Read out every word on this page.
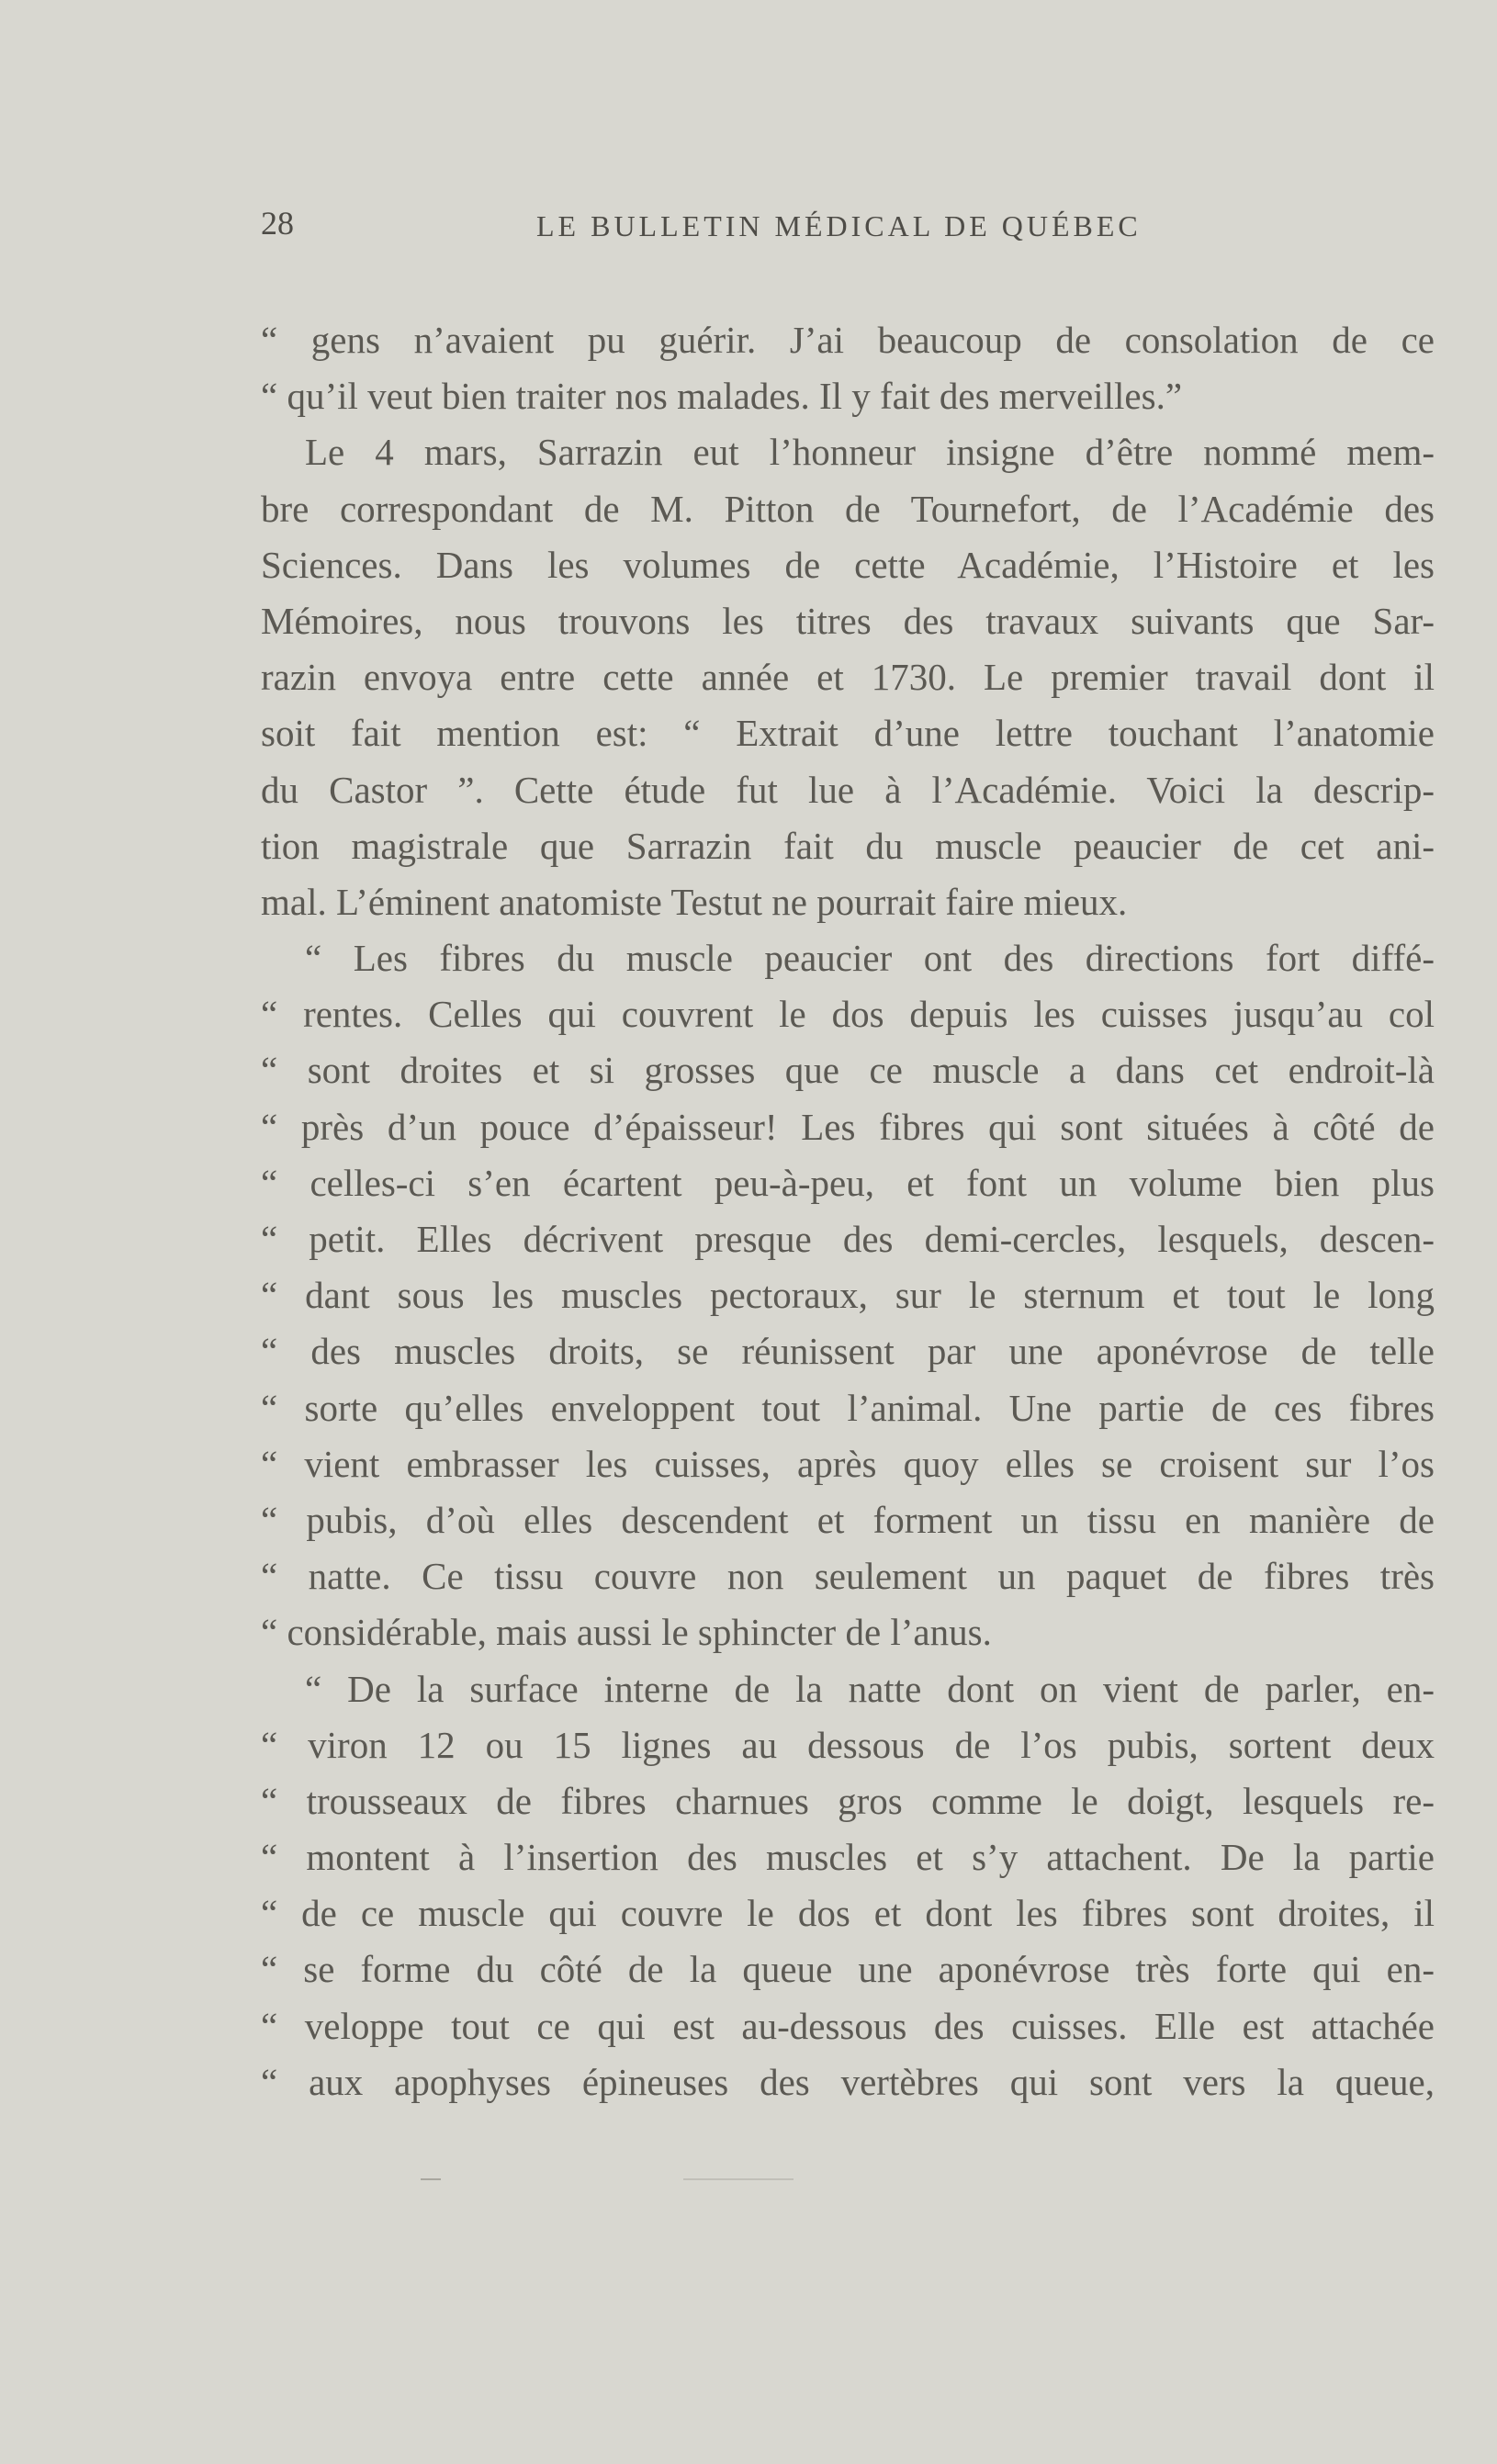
28	LE BULLETIN MÉDICAL DE QUÉBEC
“ gens n’avaient pu guérir. J’ai beaucoup de consolation de ce
“ qu’il veut bien traiter nos malades. Il y fait des merveilles.”
Le 4 mars, Sarrazin eut l’honneur insigne d’être nommé mem-
bre correspondant de M. Pitton de Tournefort, de l’Académie des
Sciences. Dans les volumes de cette Académie, l’Histoire et les
Mémoires, nous trouvons les titres des travaux suivants que Sar-
razin envoya entre cette année et 1730. Le premier travail dont il
soit fait mention est: “ Extrait d’une lettre touchant l’anatomie
du Castor ”. Cette étude fut lue à l’Académie. Voici la descrip-
tion magistrale que Sarrazin fait du muscle peaucier de cet ani-
mal. L’éminent anatomiste Testut ne pourrait faire mieux.
“ Les fibres du muscle peaucier ont des directions fort diffé-
“ rentes. Celles qui couvrent le dos depuis les cuisses jusqu’au col
“ sont droites et si grosses que ce muscle a dans cet endroit-là
“ près d’un pouce d’épaisseur! Les fibres qui sont situées à côté de
“ celles-ci s’en écartent peu-à-peu, et font un volume bien plus
“ petit. Elles décrivent presque des demi-cercles, lesquels, descen-
“ dant sous les muscles pectoraux, sur le sternum et tout le long
“ des muscles droits, se réunissent par une aponévrose de telle
“ sorte qu’elles enveloppent tout l’animal. Une partie de ces fibres
“ vient embrasser les cuisses, après quoy elles se croisent sur l’os
“ pubis, d’où elles descendent et forment un tissu en manière de
“ natte. Ce tissu couvre non seulement un paquet de fibres très
“ considérable, mais aussi le sphincter de l’anus.
“ De la surface interne de la natte dont on vient de parler, en-
“ viron 12 ou 15 lignes au dessous de l’os pubis, sortent deux
“ trousseaux de fibres charnues gros comme le doigt, lesquels re-
“ montent à l’insertion des muscles et s’y attachent. De la partie
“ de ce muscle qui couvre le dos et dont les fibres sont droites, il
“ se forme du côté de la queue une aponévrose très forte qui en-
“ veloppe tout ce qui est au-dessous des cuisses. Elle est attachée
“ aux apophyses épineuses des vertèbres qui sont vers la queue,
